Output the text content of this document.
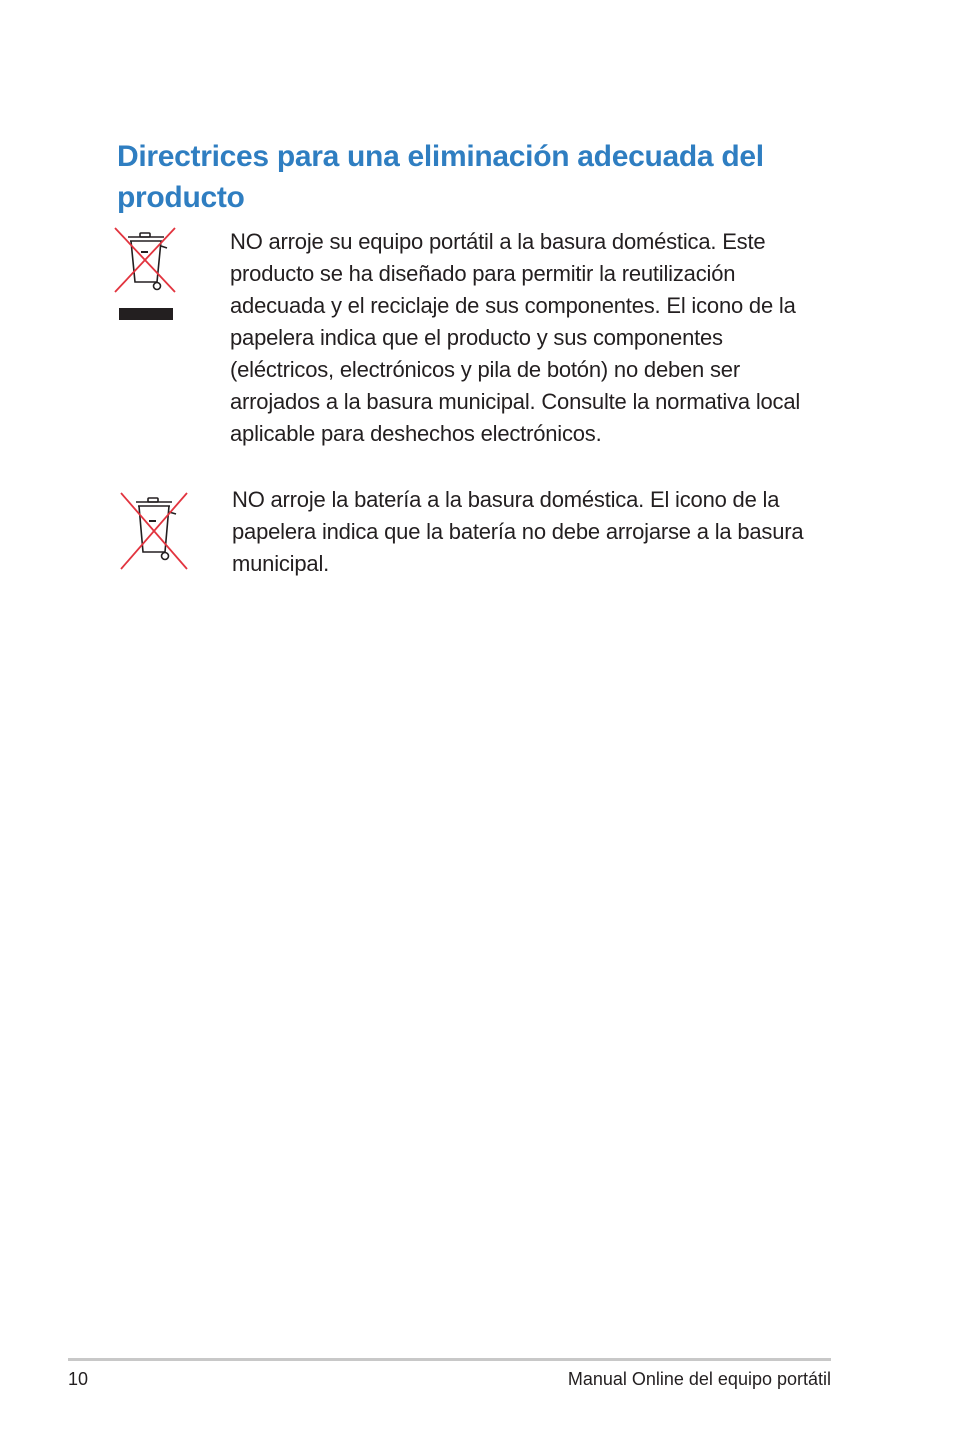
Directrices para una eliminación adecuada del producto

NO arroje su equipo portátil a la basura doméstica. Este producto se ha diseñado para permitir la reutilización adecuada y el reciclaje de sus componentes. El icono de la papelera indica que el producto y sus componentes (eléctricos, electrónicos y pila de botón) no deben ser arrojados a la basura municipal. Consulte la normativa local aplicable para deshechos electrónicos.

NO arroje la batería a la basura doméstica. El icono de la papelera indica que la batería no debe arrojarse a la basura municipal.

10	Manual Online del equipo portátil
